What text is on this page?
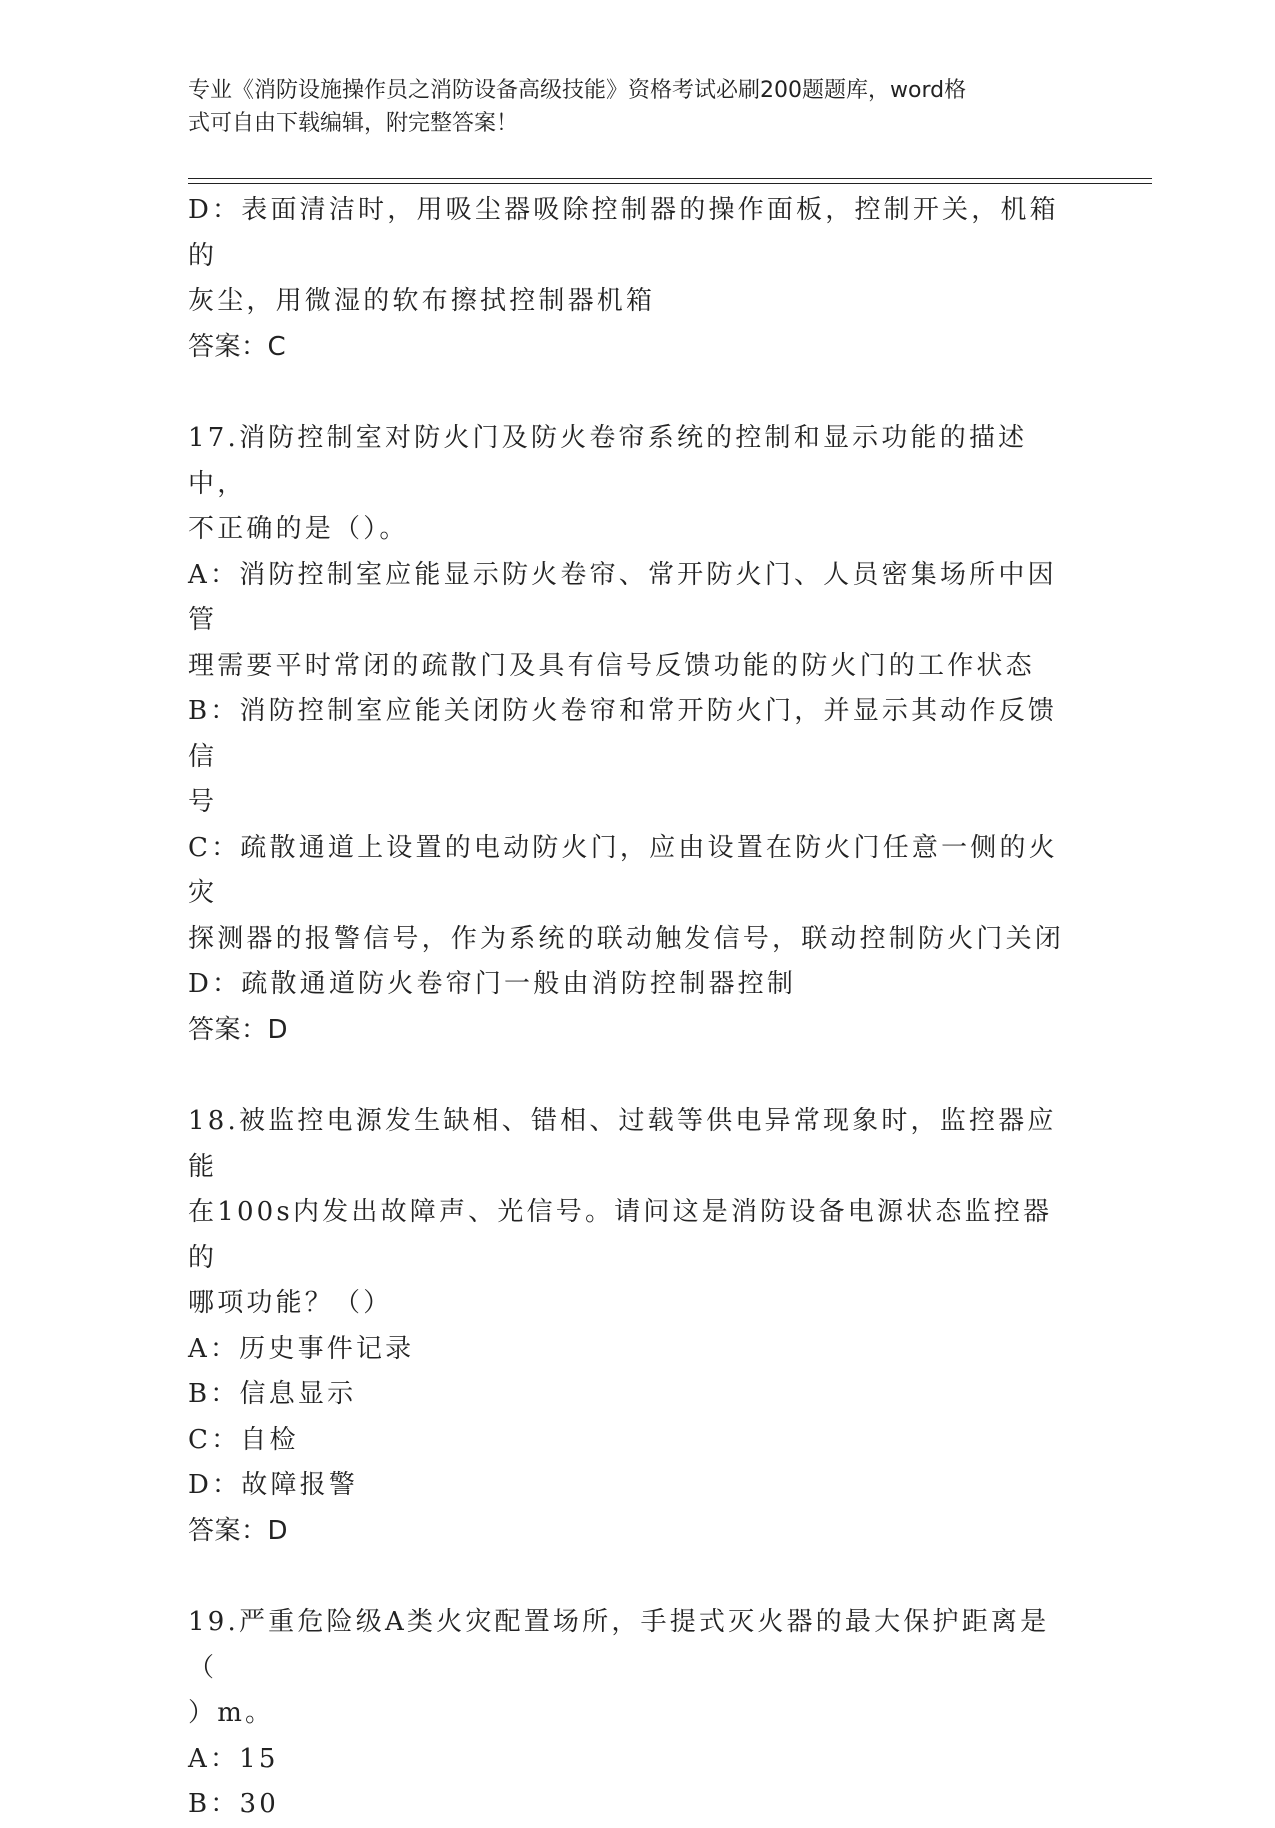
专业《消防设施操作员之消防设备高级技能》资格考试必刷200题题库，word格
式可自由下载编辑，附完整答案！
D：表面清洁时，用吸尘器吸除控制器的操作面板，控制开关，机箱的
灰尘，用微湿的软布擦拭控制器机箱
答案：C
17.消防控制室对防火门及防火卷帘系统的控制和显示功能的描述中，
不正确的是（）。
A：消防控制室应能显示防火卷帘、常开防火门、人员密集场所中因管
理需要平时常闭的疏散门及具有信号反馈功能的防火门的工作状态
B：消防控制室应能关闭防火卷帘和常开防火门，并显示其动作反馈信
号
C：疏散通道上设置的电动防火门，应由设置在防火门任意一侧的火灾
探测器的报警信号，作为系统的联动触发信号，联动控制防火门关闭
D：疏散通道防火卷帘门一般由消防控制器控制
答案：D
18.被监控电源发生缺相、错相、过载等供电异常现象时，监控器应能
在100s内发出故障声、光信号。请问这是消防设备电源状态监控器的
哪项功能？（）
A：历史事件记录
B：信息显示
C：自检
D：故障报警
答案：D
19.严重危险级A类火灾配置场所，手提式灭火器的最大保护距离是（
）m。
A：15
B：30
